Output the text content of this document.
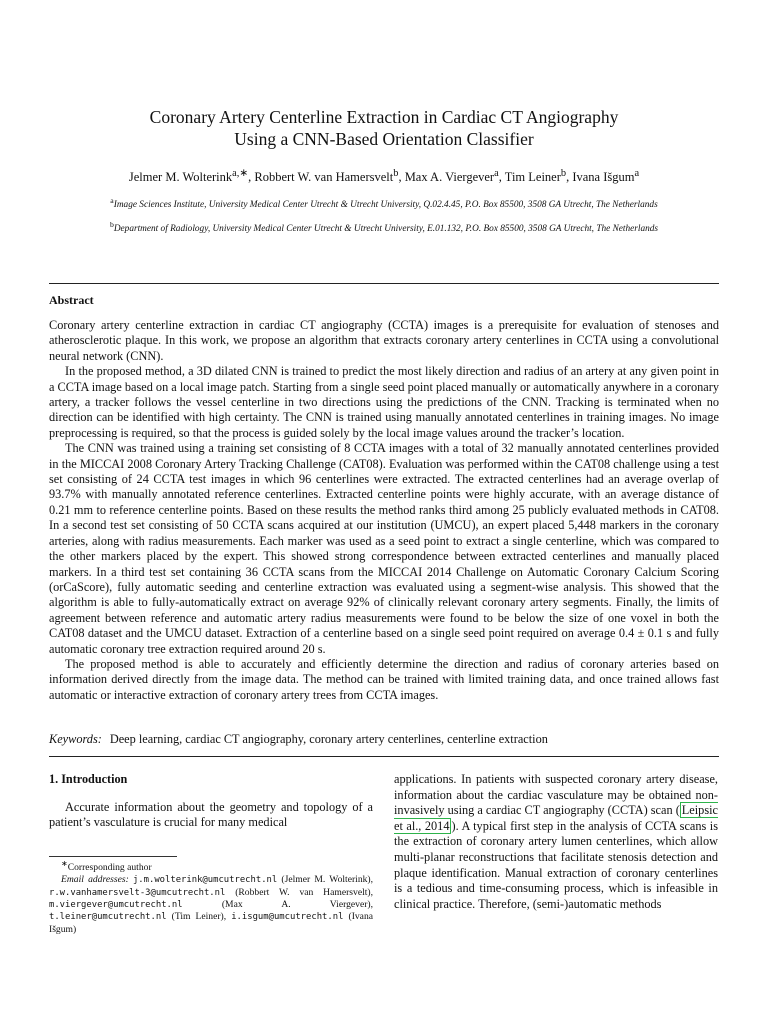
Coronary Artery Centerline Extraction in Cardiac CT Angiography
Using a CNN-Based Orientation Classifier
Jelmer M. Wolterink$^{a,∗}$, Robbert W. van Hamersvelt$^b$, Max A. Viergever$^a$, Tim Leiner$^b$, Ivana Išgum$^a$
$^a$Image Sciences Institute, University Medical Center Utrecht & Utrecht University, Q.02.4.45, P.O. Box 85500, 3508 GA Utrecht, The Netherlands
$^b$Department of Radiology, University Medical Center Utrecht & Utrecht University, E.01.132, P.O. Box 85500, 3508 GA Utrecht, The Netherlands
Abstract

Coronary artery centerline extraction in cardiac CT angiography (CCTA) images is a prerequisite for evaluation of stenoses and atherosclerotic plaque. In this work, we propose an algorithm that extracts coronary artery centerlines in CCTA using a convolutional neural network (CNN).

In the proposed method, a 3D dilated CNN is trained to predict the most likely direction and radius of an artery at any given point in a CCTA image based on a local image patch. Starting from a single seed point placed manually or automatically anywhere in a coronary artery, a tracker follows the vessel centerline in two directions using the predictions of the CNN. Tracking is terminated when no direction can be identified with high certainty. The CNN is trained using manually annotated centerlines in training images. No image preprocessing is required, so that the process is guided solely by the local image values around the tracker’s location.

The CNN was trained using a training set consisting of 8 CCTA images with a total of 32 manually annotated centerlines provided in the MICCAI 2008 Coronary Artery Tracking Challenge (CAT08). Evaluation was performed within the CAT08 challenge using a test set consisting of 24 CCTA test images in which 96 centerlines were extracted. The extracted centerlines had an average overlap of 93.7% with manually annotated reference centerlines. Extracted centerline points were highly accurate, with an average distance of 0.21 mm to reference centerline points. Based on these results the method ranks third among 25 publicly evaluated methods in CAT08. In a second test set consisting of 50 CCTA scans acquired at our institution (UMCU), an expert placed 5,448 markers in the coronary arteries, along with radius measurements. Each marker was used as a seed point to extract a single centerline, which was compared to the other markers placed by the expert. This showed strong correspondence between extracted centerlines and manually placed markers. In a third test set containing 36 CCTA scans from the MICCAI 2014 Challenge on Automatic Coronary Calcium Scoring (orCaScore), fully automatic seeding and centerline extraction was evaluated using a segment-wise analysis. This showed that the algorithm is able to fully-automatically extract on average 92% of clinically relevant coronary artery segments. Finally, the limits of agreement between reference and automatic artery radius measurements were found to be below the size of one voxel in both the CAT08 dataset and the UMCU dataset. Extraction of a centerline based on a single seed point required on average 0.4 ± 0.1 s and fully automatic coronary tree extraction required around 20 s.

The proposed method is able to accurately and efficiently determine the direction and radius of coronary arteries based on information derived directly from the image data. The method can be trained with limited training data, and once trained allows fast automatic or interactive extraction of coronary artery trees from CCTA images.

Keywords: Deep learning, cardiac CT angiography, coronary artery centerlines, centerline extraction
1. Introduction

Accurate information about the geometry and topology of a patient’s vasculature is crucial for many medical

applications. In patients with suspected coronary artery disease, information about the cardiac vasculature may be obtained non-invasively using a cardiac CT angiography (CCTA) scan ( Leipsic et al., 2014 ). A typical first step in the analysis of CCTA scans is the extraction of coronary artery lumen centerlines, which allow multi-planar reconstructions that facilitate stenosis detection and plaque identification. Manual extraction of coronary centerlines is a tedious and time-consuming process, which is infeasible in clinical practice. Therefore, (semi-)automatic methods

∗Corresponding author
Email addresses: j.m.wolterink@umcutrecht.nl (Jelmer M. Wolterink), r.w.vanhamersvelt-3@umcutrecht.nl (Robbert W. van Hamersvelt), m.viergever@umcutrecht.nl (Max A. Viergever), t.leiner@umcutrecht.nl (Tim Leiner), i.isgum@umcutrecht.nl (Ivana Išgum)
